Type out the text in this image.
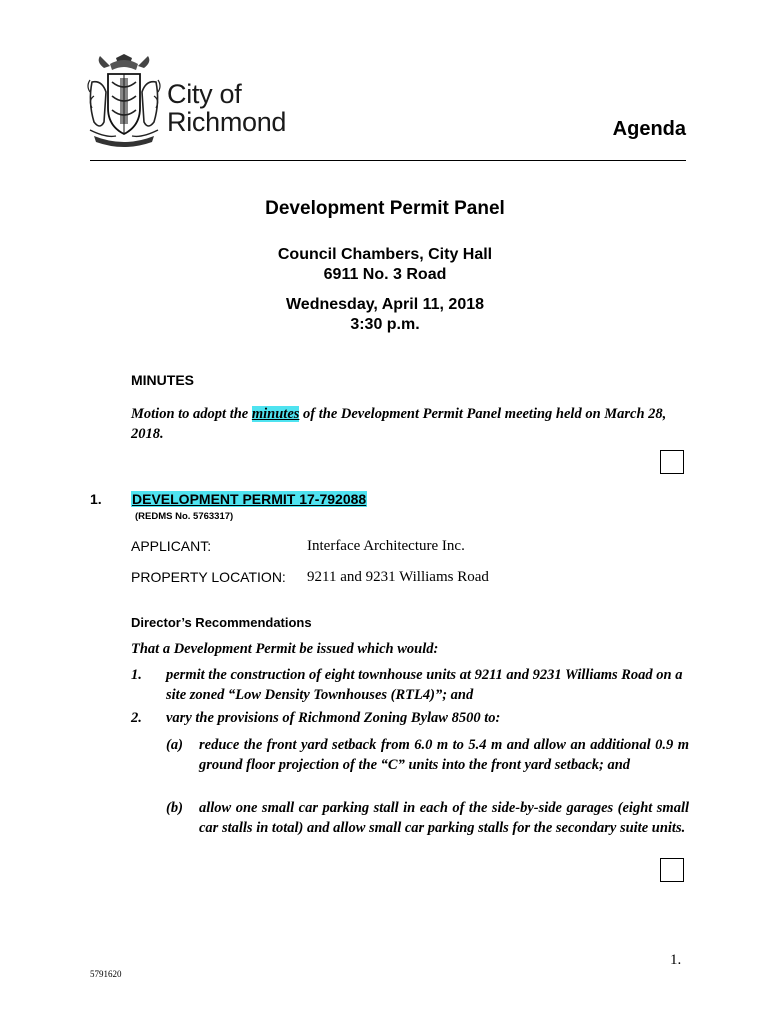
City of
Richmond	Agenda
Development Permit Panel
Council Chambers, City Hall
6911 No. 3 Road
Wednesday, April 11, 2018
3:30 p.m.
MINUTES
Motion to adopt the minutes of the Development Permit Panel meeting held on March 28, 2018.
1. DEVELOPMENT PERMIT 17-792088
(REDMS No. 5763317)
APPLICANT:	Interface Architecture Inc.
PROPERTY LOCATION: 9211 and 9231 Williams Road
Director’s Recommendations
That a Development Permit be issued which would:
1. permit the construction of eight townhouse units at 9211 and 9231 Williams Road on a site zoned “Low Density Townhouses (RTL4)”; and
2. vary the provisions of Richmond Zoning Bylaw 8500 to:
(a) reduce the front yard setback from 6.0 m to 5.4 m and allow an additional 0.9 m ground floor projection of the “C” units into the front yard setback; and
(b) allow one small car parking stall in each of the side-by-side garages (eight small car stalls in total) and allow small car parking stalls for the secondary suite units.
1.
5791620
